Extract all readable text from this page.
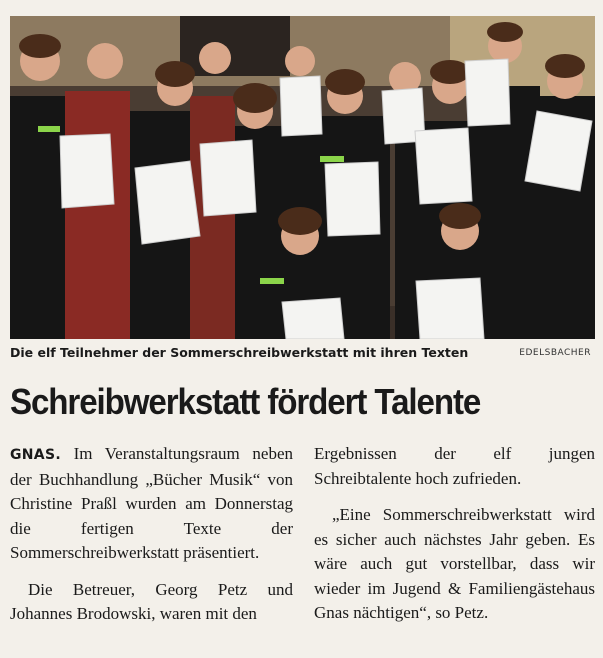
Die elf Teilnehmer der Sommerschreibwerkstatt mit ihren Texten	EDELSBACHER
Schreibwerkstatt fördert Talente

GNAS. Im Veranstaltungsraum neben der Buchhandlung „Bücher Musik“ von Christine Praßl wurden am Donnerstag die fertigen Texte der Sommerschreibwerkstatt präsentiert.

Die Betreuer, Georg Petz und Johannes Brodowski, waren mit den

Ergebnissen der elf jungen Schreibtalente hoch zufrieden.

„Eine Sommerschreibwerkstatt wird es sicher auch nächstes Jahr geben. Es wäre auch gut vorstellbar, dass wir wieder im Jugend & Familiengästehaus Gnas nächtigen“, so Petz.
